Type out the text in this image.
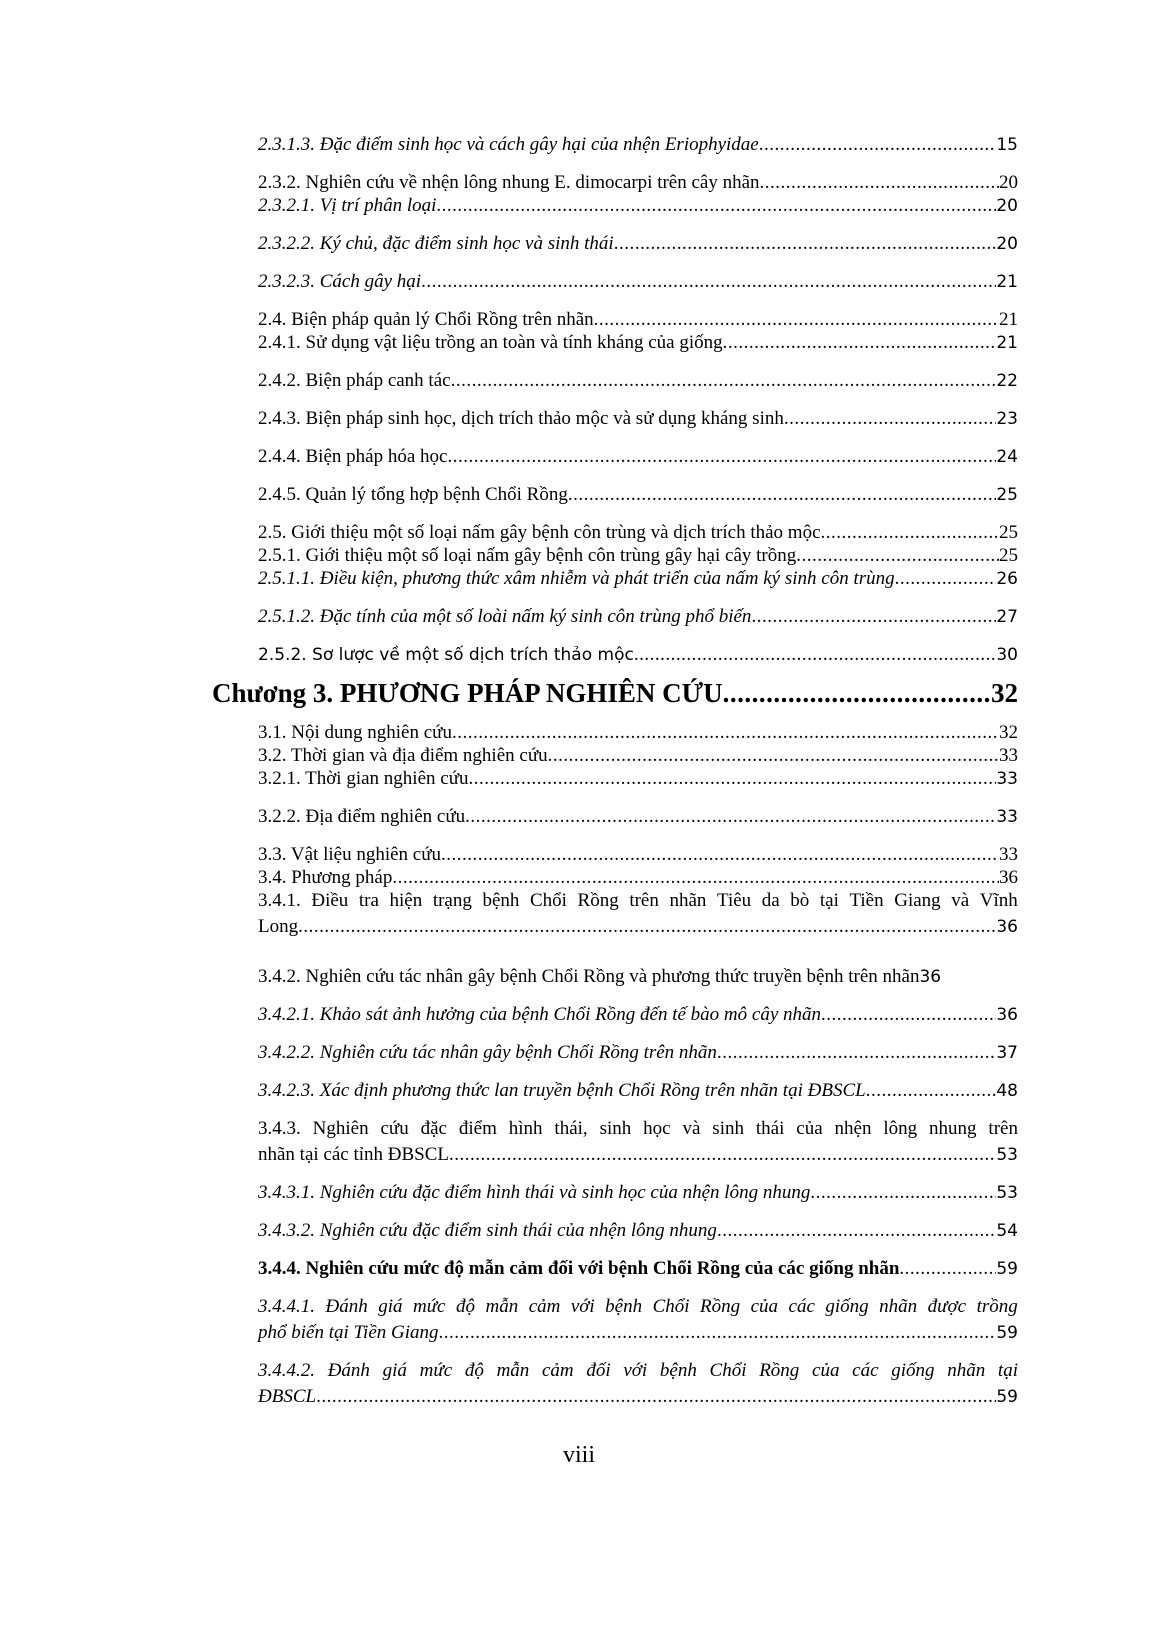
2.3.1.3. Đặc điểm sinh học và cách gây hại của nhện Eriophyidae .....	15
2.3.2. Nghiên cứu về nhện lông nhung E. dimocarpi trên cây nhãn .....	20
2.3.2.1. Vị trí phân loại .....	20
2.3.2.2. Ký chủ, đặc điểm sinh học và sinh thái .....	20
2.3.2.3. Cách gây hại .....	21
2.4. Biện pháp quản lý Chổi Rồng trên nhãn .....	21
2.4.1. Sử dụng vật liệu trồng an toàn và tính kháng của giống .....	21
2.4.2. Biện pháp canh tác .....	22
2.4.3. Biện pháp sinh học, dịch trích thảo mộc và sử dụng kháng sinh .....	23
2.4.4. Biện pháp hóa học .....	24
2.4.5. Quản lý tổng hợp bệnh Chổi Rồng .....	25
2.5. Giới thiệu một số loại nấm gây bệnh côn trùng và dịch trích thảo mộc .....	25
2.5.1. Giới thiệu một số loại nấm gây bệnh côn trùng gây hại cây trồng .....	25
2.5.1.1. Điều kiện, phương thức xâm nhiễm và phát triển của nấm ký sinh côn trùng .....	26
2.5.1.2. Đặc tính của một số loài nấm ký sinh côn trùng phổ biến .....	27
2.5.2. Sơ lược về một số dịch trích thảo mộc .....	30
Chương 3. PHƯƠNG PHÁP NGHIÊN CỨU .....	32
3.1. Nội dung nghiên cứu .....	32
3.2. Thời gian và địa điểm nghiên cứu .....	33
3.2.1. Thời gian nghiên cứu .....	33
3.2.2. Địa điểm nghiên cứu .....	33
3.3. Vật liệu nghiên cứu .....	33
3.4. Phương pháp .....	36
3.4.1. Điều tra hiện trạng bệnh Chổi Rồng trên nhãn Tiêu da bò tại Tiền Giang và Vĩnh
Long .....	36
3.4.2. Nghiên cứu tác nhân gây bệnh Chổi Rồng và phương thức truyền bệnh trên nhãn 36
3.4.2.1. Khảo sát ảnh hưởng của bệnh Chổi Rồng đến tế bào mô cây nhãn .....	36
3.4.2.2. Nghiên cứu tác nhân gây bệnh Chổi Rồng trên nhãn .....	37
3.4.2.3. Xác định phương thức lan truyền bệnh Chổi Rồng trên nhãn tại ĐBSCL .....	48
3.4.3. Nghiên cứu đặc điểm hình thái, sinh học và sinh thái của nhện lông nhung trên
nhãn tại các tỉnh ĐBSCL .....	53
3.4.3.1. Nghiên cứu đặc điểm hình thái và sinh học của nhện lông nhung .....	53
3.4.3.2. Nghiên cứu đặc điểm sinh thái của nhện lông nhung .....	54
3.4.4. Nghiên cứu mức độ mẫn cảm đối với bệnh Chổi Rồng của các giống nhãn .....	59
3.4.4.1. Đánh giá mức độ mẫn cảm với bệnh Chổi Rồng của các giống nhãn được trồng
phổ biến tại Tiền Giang .....	59
3.4.4.2. Đánh giá mức độ mẫn cảm đối với bệnh Chổi Rồng của các giống nhãn tại
ĐBSCL .....	59
viii
